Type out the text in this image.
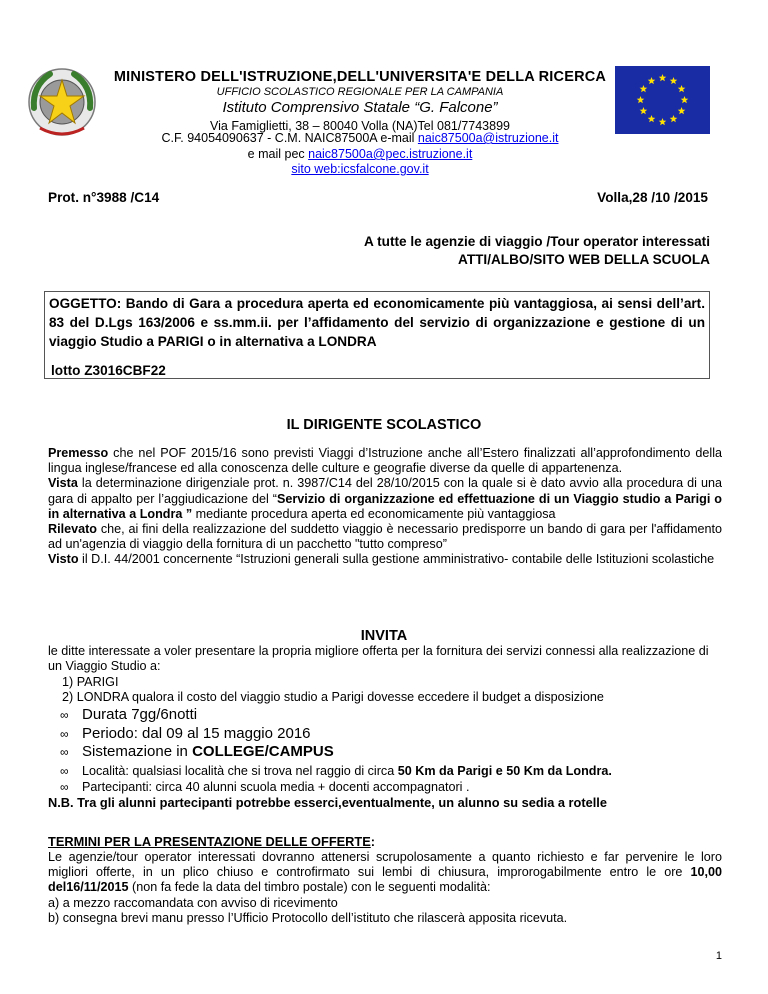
MINISTERO DELL'ISTRUZIONE,DELL'UNIVERSITA'E DELLA RICERCA
UFFICIO SCOLASTICO REGIONALE PER LA CAMPANIA
Istituto Comprensivo Statale “G. Falcone”
Via Famiglietti, 38 – 80040 Volla (NA)Tel 081/7743899
C.F. 94054090637 - C.M. NAIC87500A e-mail naic87500a@istruzione.it
e mail pec naic87500a@pec.istruzione.it
sito web:icsfalcone.gov.it
Prot. n°3988 /C14	Volla,28 /10 /2015
A tutte le agenzie di viaggio /Tour operator interessati
ATTI/ALBO/SITO WEB DELLA SCUOLA
OGGETTO: Bando di Gara a procedura aperta ed economicamente più vantaggiosa, ai sensi dell’art. 83 del D.Lgs 163/2006 e ss.mm.ii. per l’affidamento del servizio di organizzazione e gestione di un viaggio Studio a PARIGI o in alternativa a LONDRA
lotto Z3016CBF22
IL DIRIGENTE SCOLASTICO
Premesso che nel POF 2015/16 sono previsti Viaggi d’Istruzione anche all’Estero finalizzati all’approfondimento della lingua inglese/francese ed alla conoscenza delle culture e geografie diverse da quelle di appartenenza.
Vista la determinazione dirigenziale prot. n. 3987/C14 del 28/10/2015 con la quale si è dato avvio alla procedura di una gara di appalto per l’aggiudicazione del “Servizio di organizzazione ed effettuazione di un Viaggio studio a Parigi o in alternativa a Londra ” mediante procedura aperta ed economicamente più vantaggiosa
Rilevato che, ai fini della realizzazione del suddetto viaggio è necessario predisporre un bando di gara per l'affidamento ad un'agenzia di viaggio della fornitura di un pacchetto "tutto compreso”
Visto il D.I. 44/2001 concernente “Istruzioni generali sulla gestione amministrativo- contabile delle Istituzioni scolastiche
INVITA
le ditte interessate a voler presentare la propria migliore offerta per la fornitura dei servizi connessi alla realizzazione di un Viaggio Studio a:
1) PARIGI
2) LONDRA qualora il costo del viaggio studio a Parigi dovesse eccedere il budget a disposizione
∞ Durata 7gg/6notti
∞ Periodo: dal 09 al 15 maggio 2016
∞ Sistemazione in COLLEGE/CAMPUS
∞ Località: qualsiasi località che si trova nel raggio di circa 50 Km da Parigi e 50 Km da Londra.
∞ Partecipanti: circa 40 alunni scuola media + docenti accompagnatori .
N.B. Tra gli alunni partecipanti potrebbe esserci,eventualmente, un alunno su sedia a rotelle
TERMINI PER LA PRESENTAZIONE DELLE OFFERTE:
Le agenzie/tour operator interessati dovranno attenersi scrupolosamente a quanto richiesto e far pervenire le loro migliori offerte, in un plico chiuso e controfirmato sui lembi di chiusura, improrogabilmente entro le ore 10,00 del16/11/2015 (non fa fede la data del timbro postale) con le seguenti modalità:
a) a mezzo raccomandata con avviso di ricevimento
b) consegna brevi manu presso l’Ufficio Protocollo dell’istituto che rilascerà apposita ricevuta.
1
